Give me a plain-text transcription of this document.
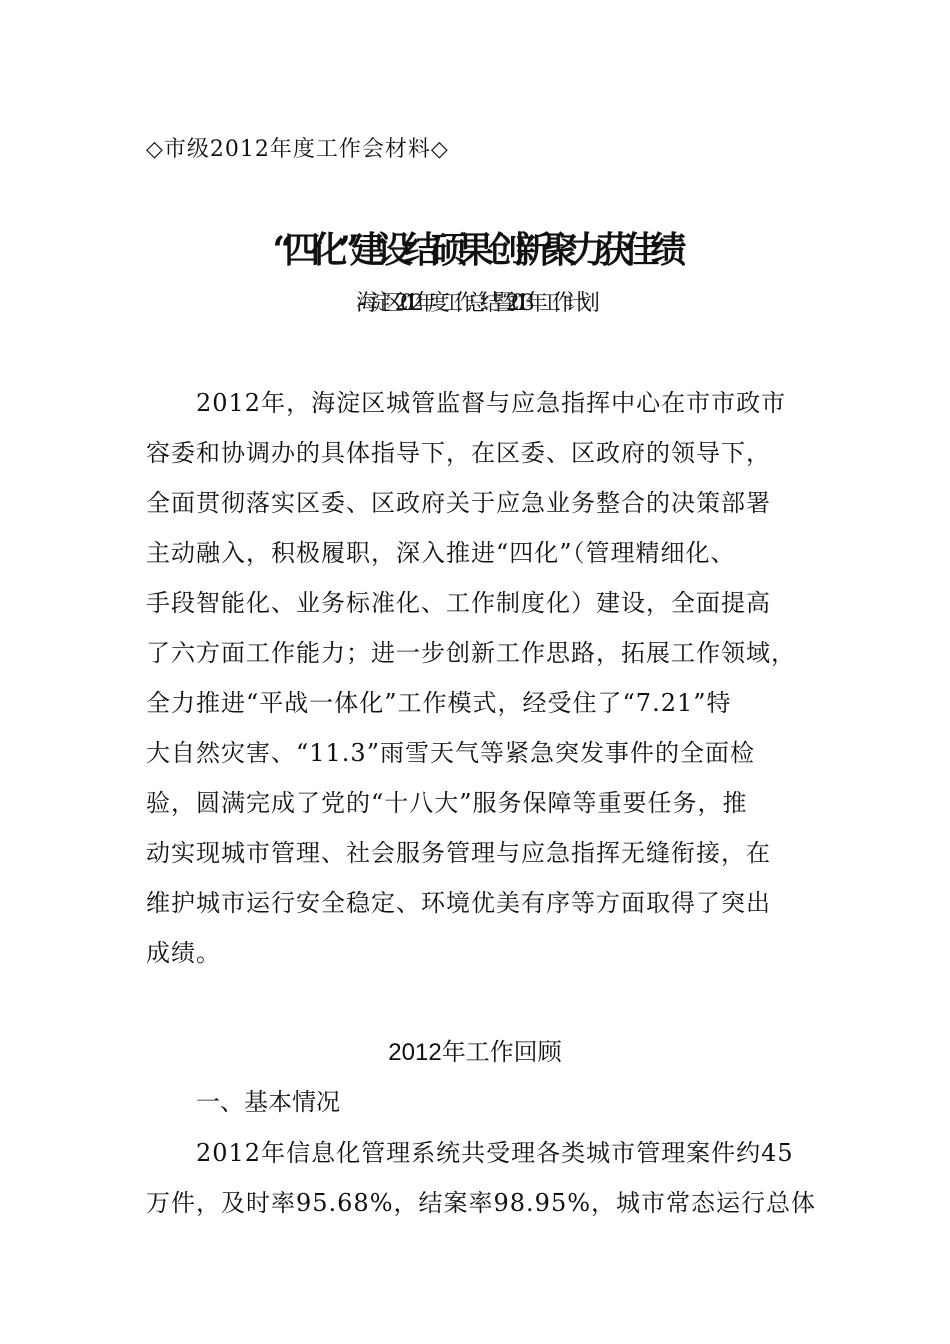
◇市级2012年度工作会材料◇
“四化”建设结硕果 创新聚力获佳绩
--海淀区2012年度工作总结暨2013年工作计划
2012年，海淀区城管监督与应急指挥中心在市市政市
容委和协调办的具体指导下，在区委、区政府的领导下，
全面贯彻落实区委、区政府关于应急业务整合的决策部署
主动融入，积极履职，深入推进“四化”（管理精细化、
手段智能化、业务标准化、工作制度化）建设，全面提高
了六方面工作能力；进一步创新工作思路，拓展工作领域，
全力推进“平战一体化”工作模式，经受住了“7.21”特
大自然灾害、“11.3”雨雪天气等紧急突发事件的全面检
验，圆满完成了党的“十八大”服务保障等重要任务，推
动实现城市管理、社会服务管理与应急指挥无缝衔接，在
维护城市运行安全稳定、环境优美有序等方面取得了突出
成绩。
2012年工作回顾
一、基本情况
2012年信息化管理系统共受理各类城市管理案件约45
万件，及时率95.68%，结案率98.95%，城市常态运行总体
